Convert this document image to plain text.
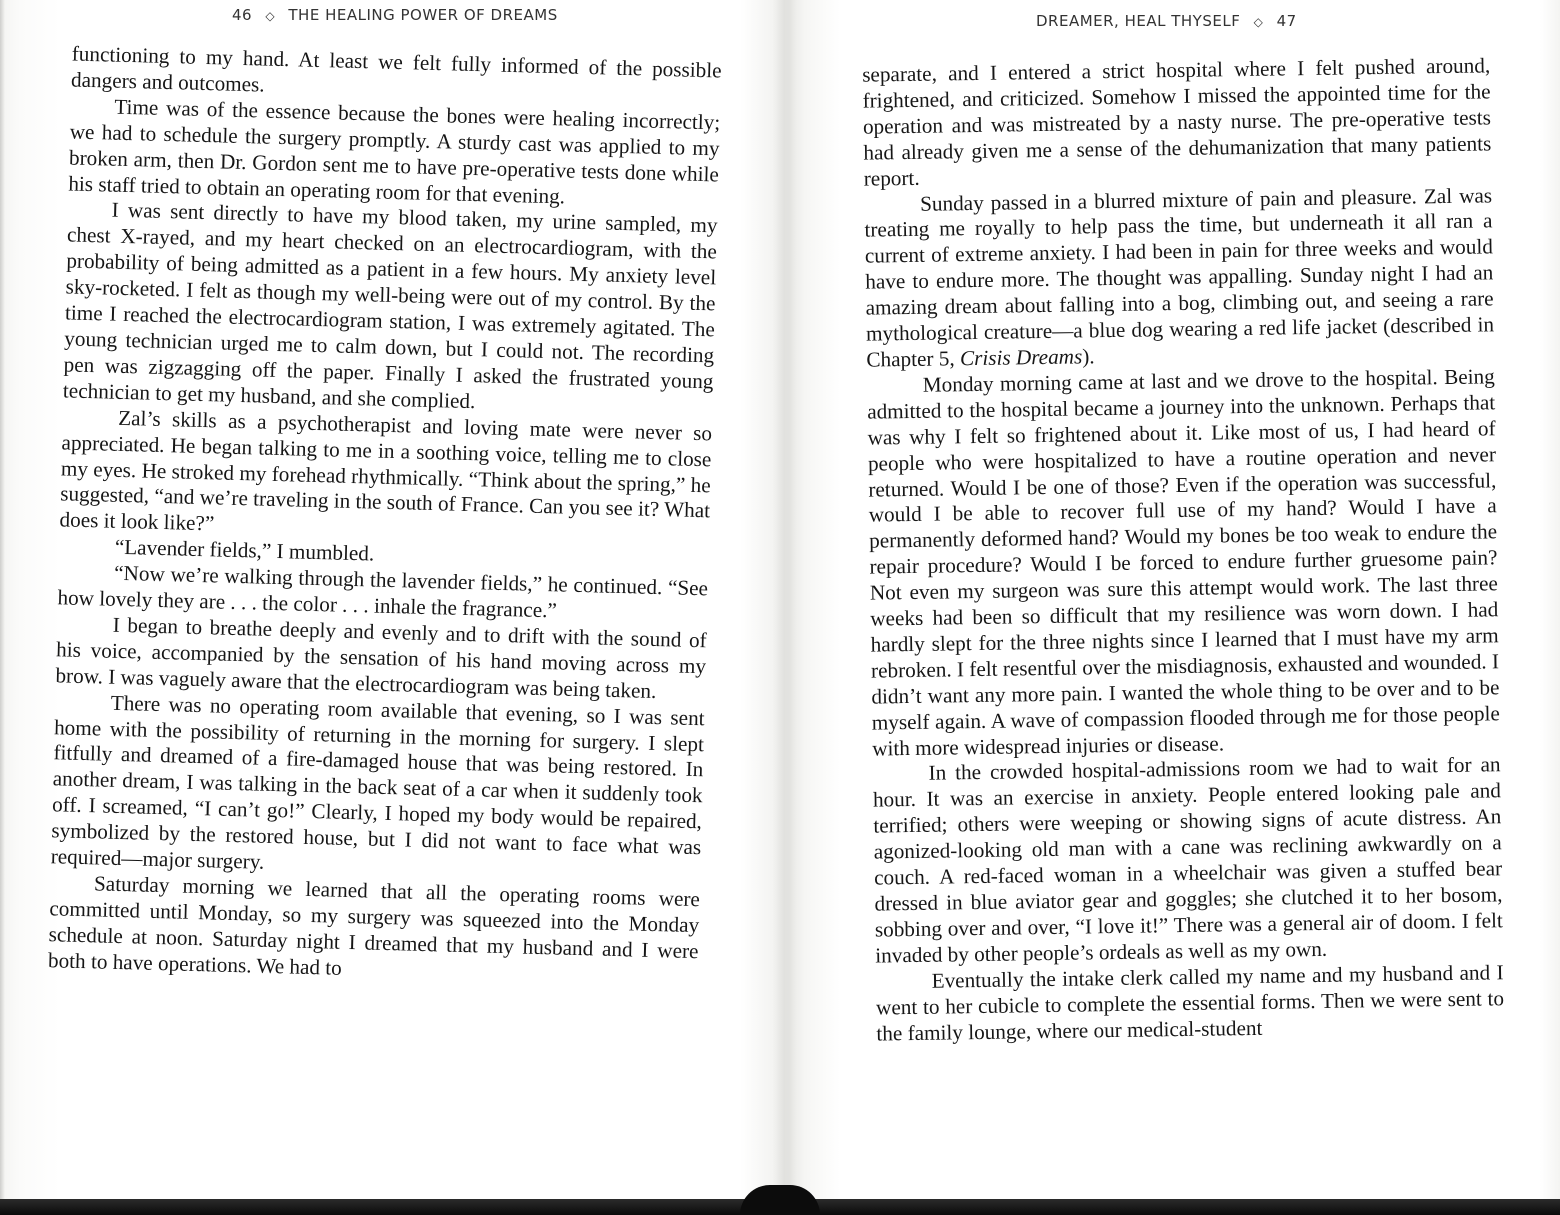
46 ◇ THE HEALING POWER OF DREAMS

functioning to my hand. At least we felt fully informed of the possible dangers and outcomes.

Time was of the essence because the bones were healing incorrectly; we had to schedule the surgery promptly. A sturdy cast was applied to my broken arm, then Dr. Gordon sent me to have pre-operative tests done while his staff tried to obtain an operating room for that evening.

I was sent directly to have my blood taken, my urine sampled, my chest X-rayed, and my heart checked on an electrocardiogram, with the probability of being admitted as a patient in a few hours. My anxiety level sky-rocketed. I felt as though my well-being were out of my control. By the time I reached the electrocardiogram station, I was extremely agitated. The young technician urged me to calm down, but I could not. The recording pen was zigzagging off the paper. Finally I asked the frustrated young technician to get my husband, and she complied.

Zal’s skills as a psychotherapist and loving mate were never so appreciated. He began talking to me in a soothing voice, telling me to close my eyes. He stroked my forehead rhythmically. “Think about the spring,” he suggested, “and we’re traveling in the south of France. Can you see it? What does it look like?”

“Lavender fields,” I mumbled.

“Now we’re walking through the lavender fields,” he continued. “See how lovely they are . . . the color . . . inhale the fragrance.”

I began to breathe deeply and evenly and to drift with the sound of his voice, accompanied by the sensation of his hand moving across my brow. I was vaguely aware that the electrocardiogram was being taken.

There was no operating room available that evening, so I was sent home with the possibility of returning in the morning for surgery. I slept fitfully and dreamed of a fire-damaged house that was being restored. In another dream, I was talking in the back seat of a car when it suddenly took off. I screamed, “I can’t go!” Clearly, I hoped my body would be repaired, symbolized by the restored house, but I did not want to face what was required—major surgery.

Saturday morning we learned that all the operating rooms were committed until Monday, so my surgery was squeezed into the Monday schedule at noon. Saturday night I dreamed that my husband and I were both to have operations. We had to

DREAMER, HEAL THYSELF ◇ 47

separate, and I entered a strict hospital where I felt pushed around, frightened, and criticized. Somehow I missed the appointed time for the operation and was mistreated by a nasty nurse. The pre-operative tests had already given me a sense of the dehumanization that many patients report.

Sunday passed in a blurred mixture of pain and pleasure. Zal was treating me royally to help pass the time, but underneath it all ran a current of extreme anxiety. I had been in pain for three weeks and would have to endure more. The thought was appalling. Sunday night I had an amazing dream about falling into a bog, climbing out, and seeing a rare mythological creature—a blue dog wearing a red life jacket (described in Chapter 5, Crisis Dreams).

Monday morning came at last and we drove to the hospital. Being admitted to the hospital became a journey into the unknown. Perhaps that was why I felt so frightened about it. Like most of us, I had heard of people who were hospitalized to have a routine operation and never returned. Would I be one of those? Even if the operation was successful, would I be able to recover full use of my hand? Would I have a permanently deformed hand? Would my bones be too weak to endure the repair procedure? Would I be forced to endure further gruesome pain? Not even my surgeon was sure this attempt would work. The last three weeks had been so difficult that my resilience was worn down. I had hardly slept for the three nights since I learned that I must have my arm rebroken. I felt resentful over the misdiagnosis, exhausted and wounded. I didn’t want any more pain. I wanted the whole thing to be over and to be myself again. A wave of compassion flooded through me for those people with more widespread injuries or disease.

In the crowded hospital-admissions room we had to wait for an hour. It was an exercise in anxiety. People entered looking pale and terrified; others were weeping or showing signs of acute distress. An agonized-looking old man with a cane was reclining awkwardly on a couch. A red-faced woman in a wheelchair was given a stuffed bear dressed in blue aviator gear and goggles; she clutched it to her bosom, sobbing over and over, “I love it!” There was a general air of doom. I felt invaded by other people’s ordeals as well as my own.

Eventually the intake clerk called my name and my husband and I went to her cubicle to complete the essential forms. Then we were sent to the family lounge, where our medical-student
